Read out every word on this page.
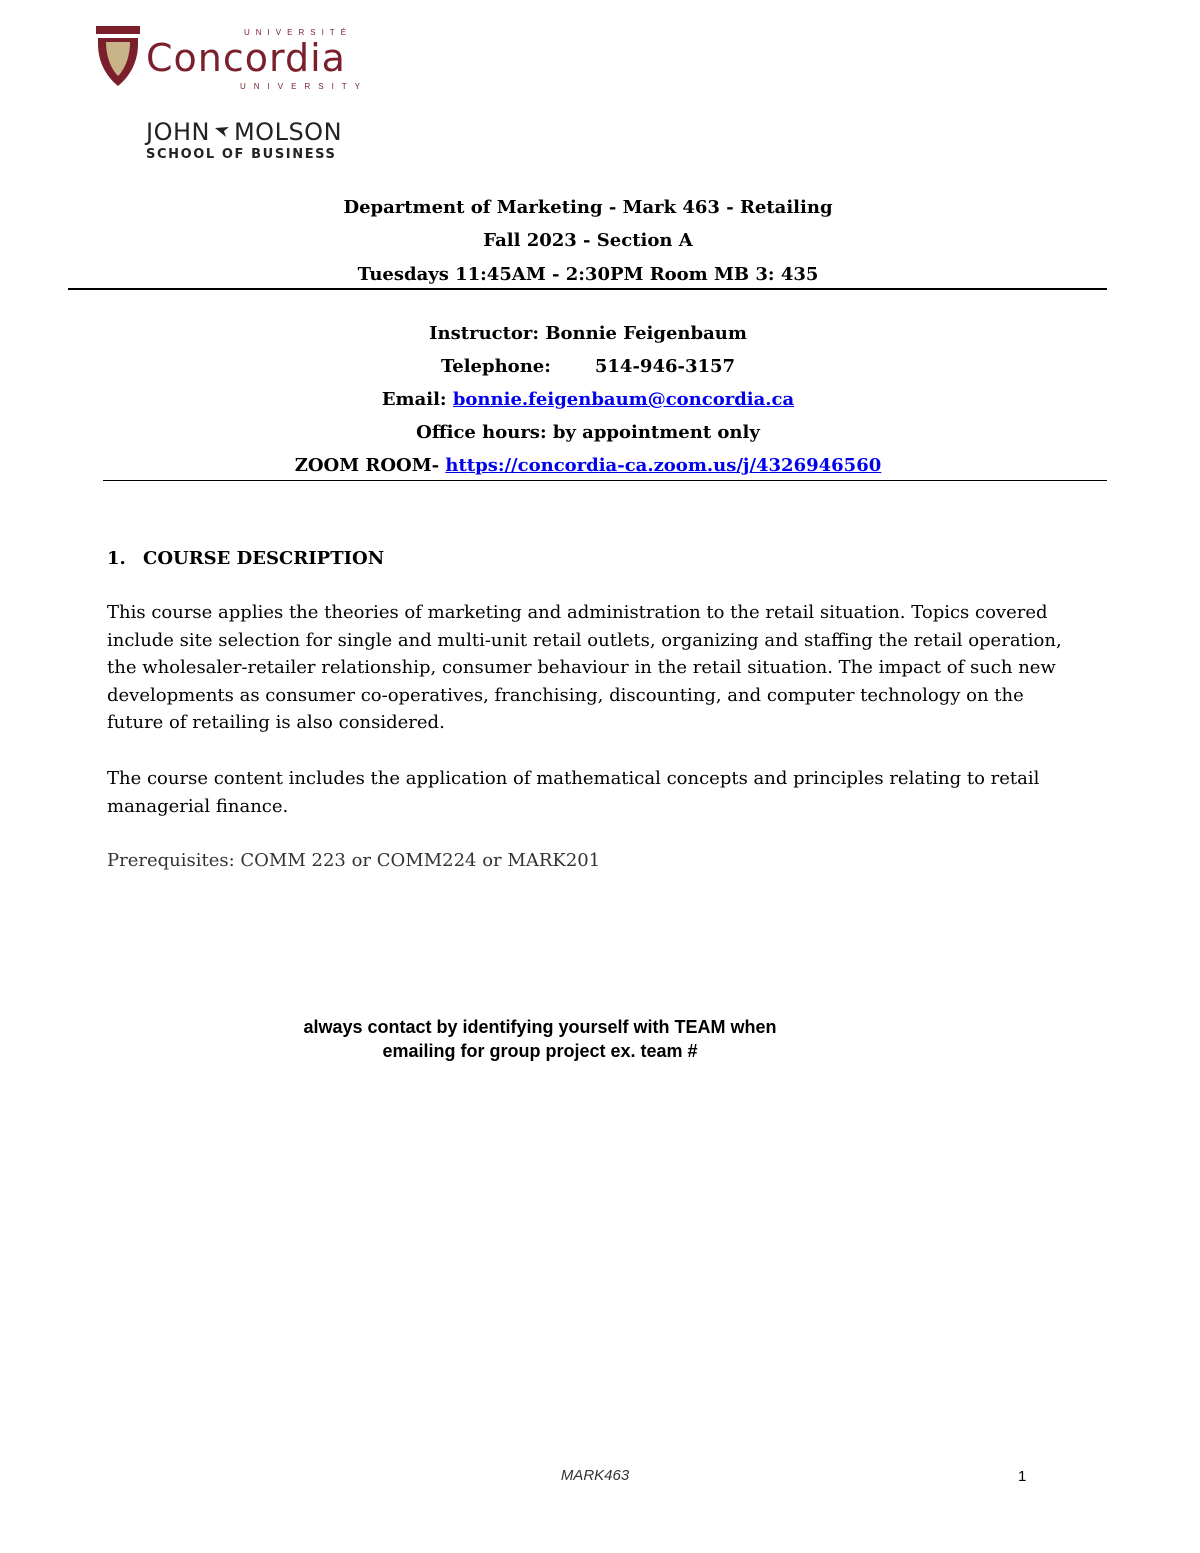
UNIVERSITÉ
Concordia
UNIVERSITY
JOHN MOLSON
SCHOOL OF BUSINESS
Department of Marketing - Mark 463 - Retailing
Fall 2023 - Section A
Tuesdays 11:45AM - 2:30PM Room MB 3: 435
Instructor: Bonnie Feigenbaum
Telephone: 514-946-3157
Email: bonnie.feigenbaum@concordia.ca
Office hours: by appointment only
ZOOM ROOM- https://concordia-ca.zoom.us/j/4326946560
1. COURSE DESCRIPTION
This course applies the theories of marketing and administration to the retail situation. Topics covered include site selection for single and multi-unit retail outlets, organizing and staffing the retail operation, the wholesaler-retailer relationship, consumer behaviour in the retail situation. The impact of such new developments as consumer co-operatives, franchising, discounting, and computer technology on the future of retailing is also considered.
The course content includes the application of mathematical concepts and principles relating to retail managerial finance.
Prerequisites: COMM 223 or COMM224 or MARK201
always contact by identifying yourself with TEAM when
emailing for group project ex. team #
MARK463	1
